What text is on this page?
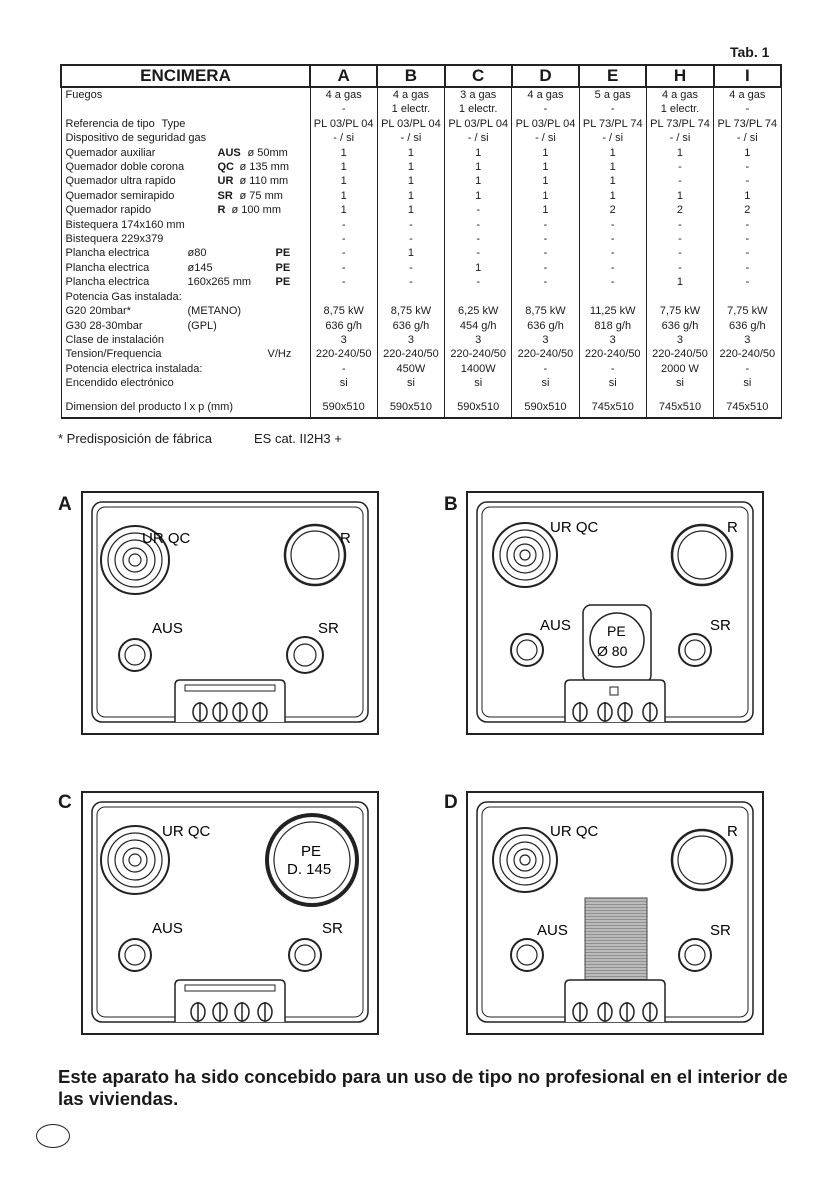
Tab. 1
ENCIMERA	A	B	C	D	E	H	I
Fuegos	4 a gas	4 a gas	3 a gas	4 a gas	5 a gas	4 a gas	4 a gas
	-	1 electr.	1 electr.	-	-	1 electr.	-
Referencia de tipo Type	PL 03/PL 04	PL 03/PL 04	PL 03/PL 04	PL 03/PL 04	PL 73/PL 74	PL 73/PL 74	PL 73/PL 74
Dispositivo de seguridad gas	- / si	- / si	- / si	- / si	- / si	- / si	- / si
Quemador auxiliar AUS ø 50mm	1	1	1	1	1	1	1
Quemador doble corona QC ø 135 mm	1	1	1	1	1	-	-
Quemador ultra rapido UR ø 110 mm	1	1	1	1	1	-	-
Quemador semirapido SR ø 75 mm	1	1	1	1	1	1	1
Quemador rapido R ø 100 mm	1	1	-	1	2	2	2
Bistequera 174x160 mm	-	-	-	-	-	-	-
Bistequera 229x379	-	-	-	-	-	-	-
Plancha electrica ø80 PE	-	1	-	-	-	-	-
Plancha electrica ø145 PE	-	-	1	-	-	-	-
Plancha electrica 160x265 mm PE	-	-	-	-	-	1	-
Potencia Gas instalada:							
G20 20mbar* (METANO)	8,75 kW	8,75 kW	6,25 kW	8,75 kW	11,25 kW	7,75 kW	7,75 kW
G30 28-30mbar (GPL)	636 g/h	636 g/h	454 g/h	636 g/h	818 g/h	636 g/h	636 g/h
Clase de instalación	3	3	3	3	3	3	3
Tension/Frequencia V/Hz	220-240/50	220-240/50	220-240/50	220-240/50	220-240/50	220-240/50	220-240/50
Potencia electrica instalada:	-	450W	1400W	-	-	2000 W	-
Encendido electrónico	si	si	si	si	si	si	si
Dimension del producto l x p (mm)	590x510	590x510	590x510	590x510	745x510	745x510	745x510
* Predisposición de fábrica	ES cat. II2H3 +
A
UR QC	R
AUS	SR
B
PE
Ø 80
UR QC	R
AUS	SR
C
PE
D. 145
UR QC
AUS	SR
D
UR QC	R
AUS	SR
Este aparato ha sido concebido para un uso de tipo no profesional en el interior de las viviendas.
